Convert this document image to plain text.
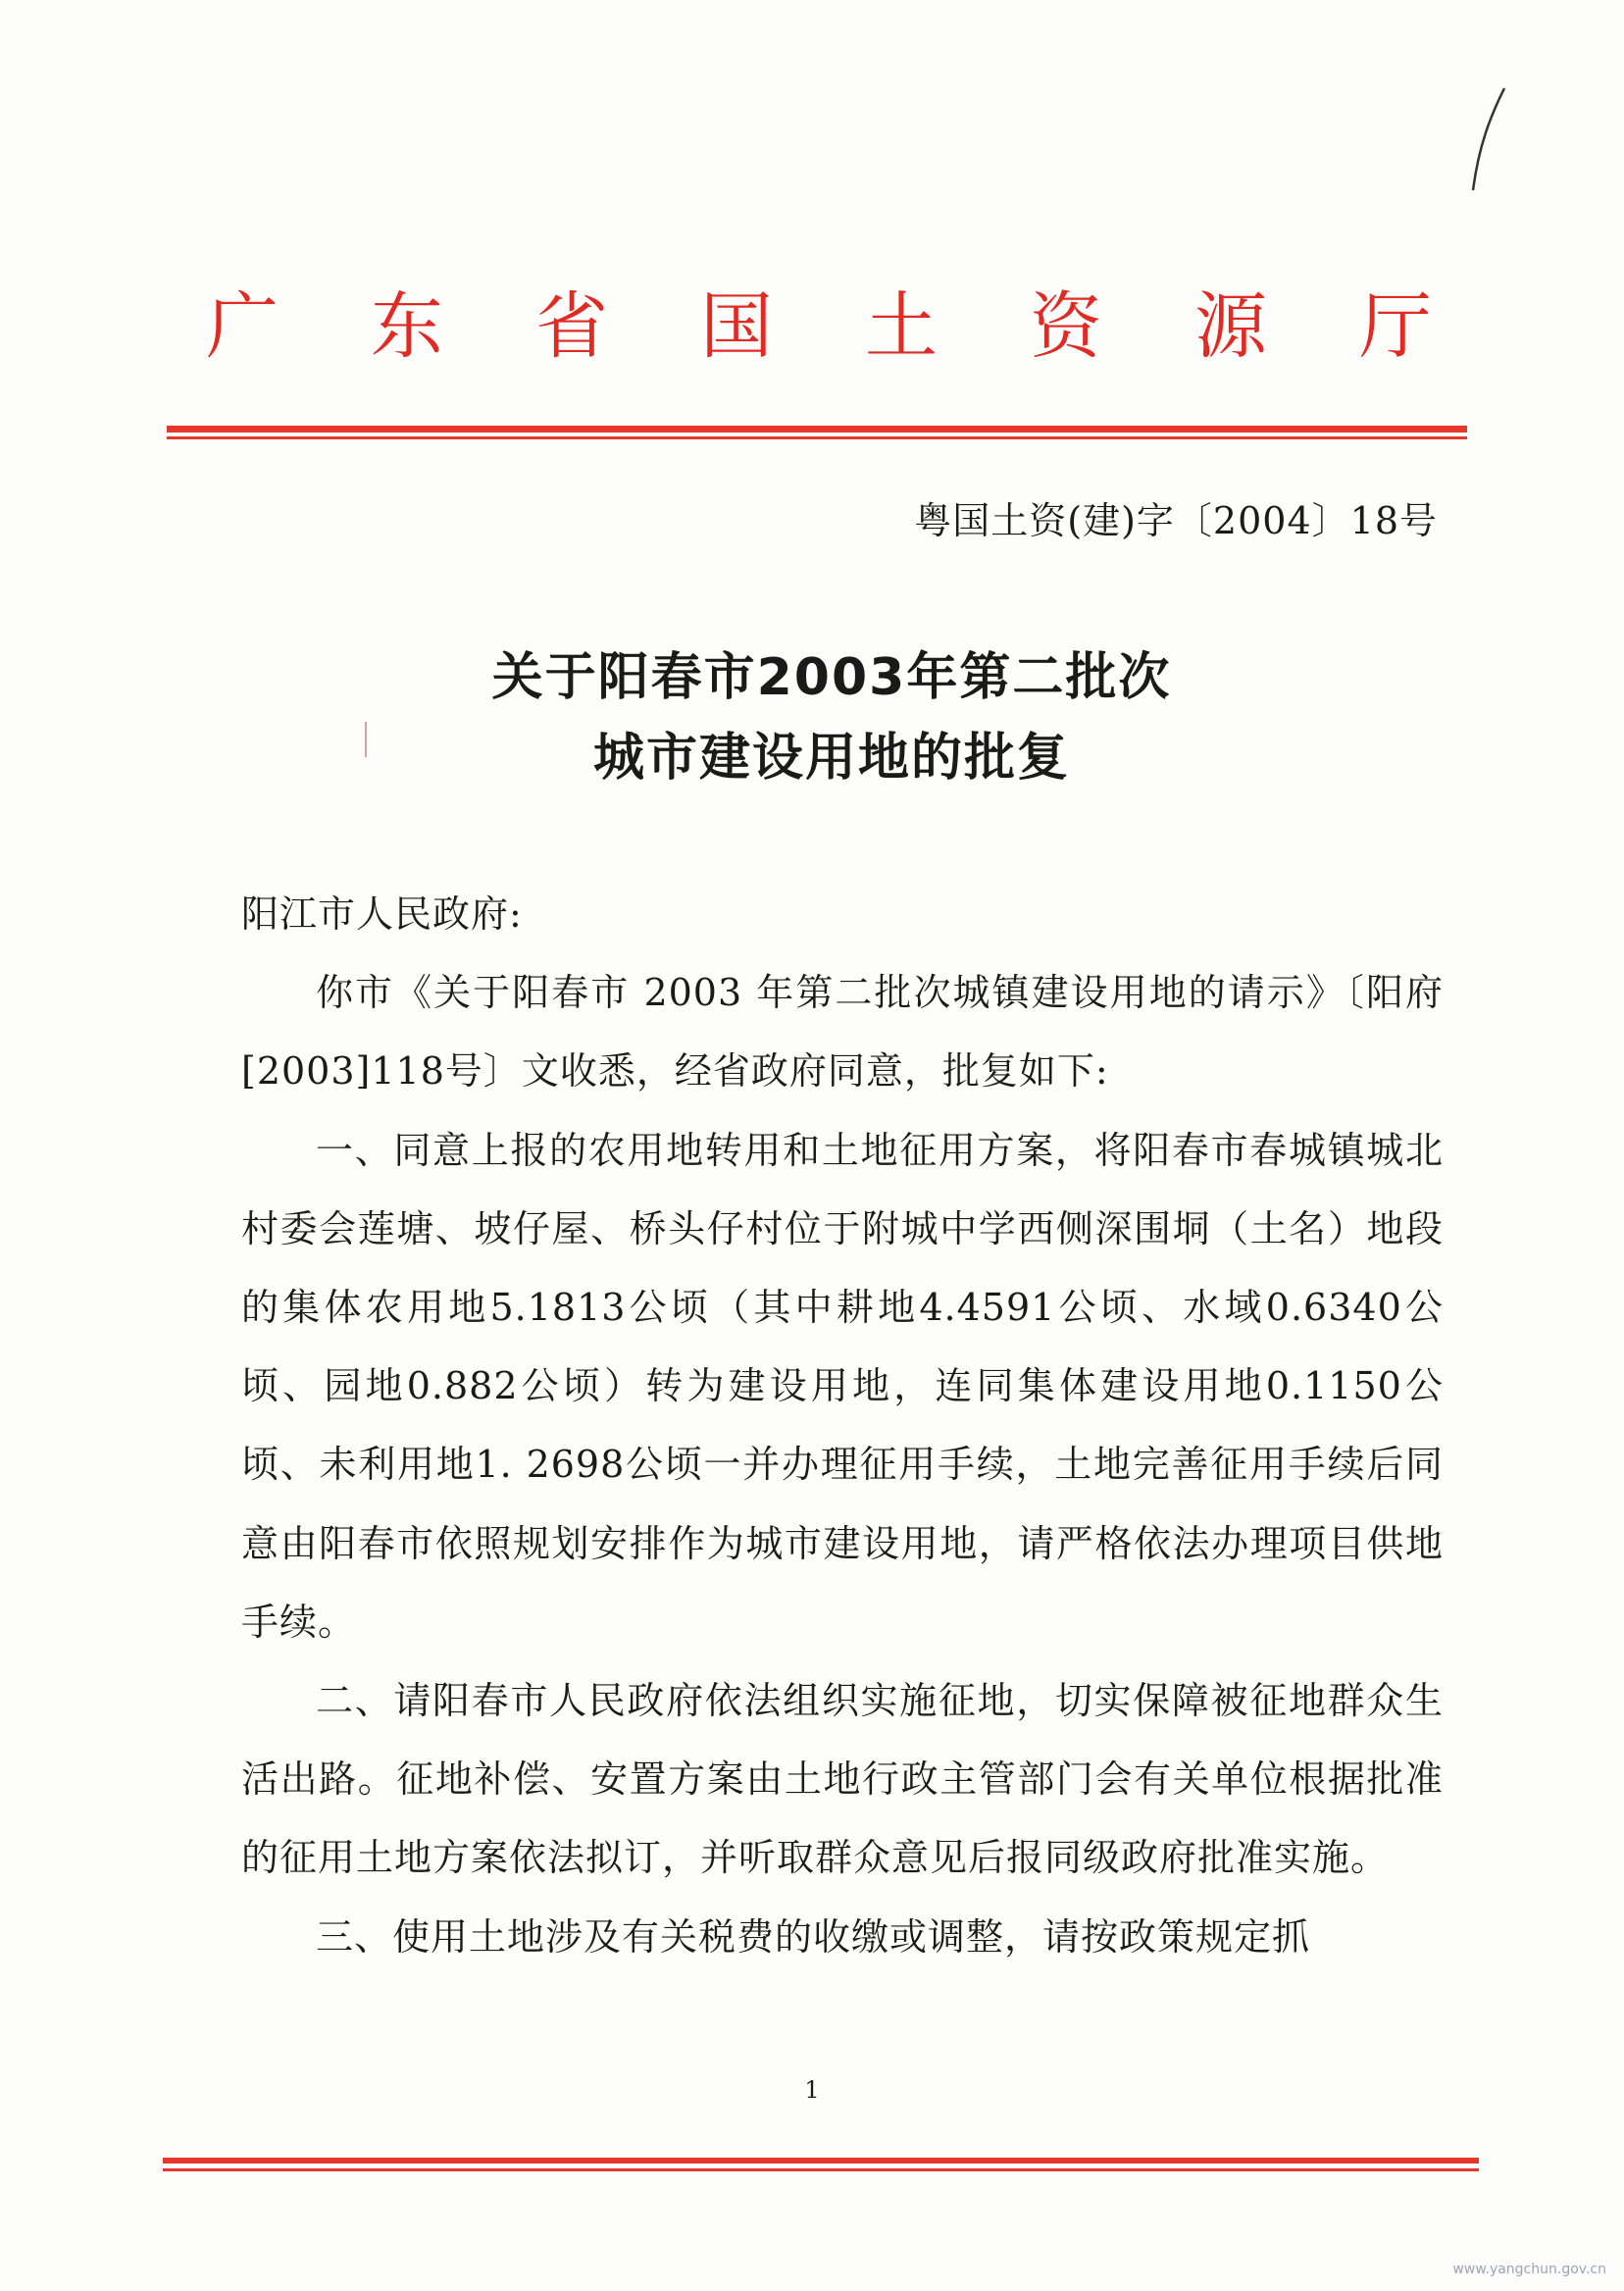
广 东 省 国 土 资 源 厅
粤国土资(建)字〔2004〕18号
关于阳春市2003年第二批次
城市建设用地的批复

阳江市人民政府:

你市《关于阳春市 2003 年第二批次城镇建设用地的请示》〔阳府[2003]118号〕文收悉，经省政府同意，批复如下:

一、同意上报的农用地转用和土地征用方案，将阳春市春城镇城北村委会莲塘、坡仔屋、桥头仔村位于附城中学西侧深围垌（土名）地段的集体农用地5.1813公顷（其中耕地4.4591公顷、水域0.6340公顷、园地0.882公顷）转为建设用地，连同集体建设用地0.1150公顷、未利用地1. 2698公顷一并办理征用手续，土地完善征用手续后同意由阳春市依照规划安排作为城市建设用地，请严格依法办理项目供地手续。

二、请阳春市人民政府依法组织实施征地，切实保障被征地群众生活出路。征地补偿、安置方案由土地行政主管部门会有关单位根据批准的征用土地方案依法拟订，并听取群众意见后报同级政府批准实施。

三、使用土地涉及有关税费的收缴或调整，请按政策规定抓

1
www.yangchun.gov.cn
